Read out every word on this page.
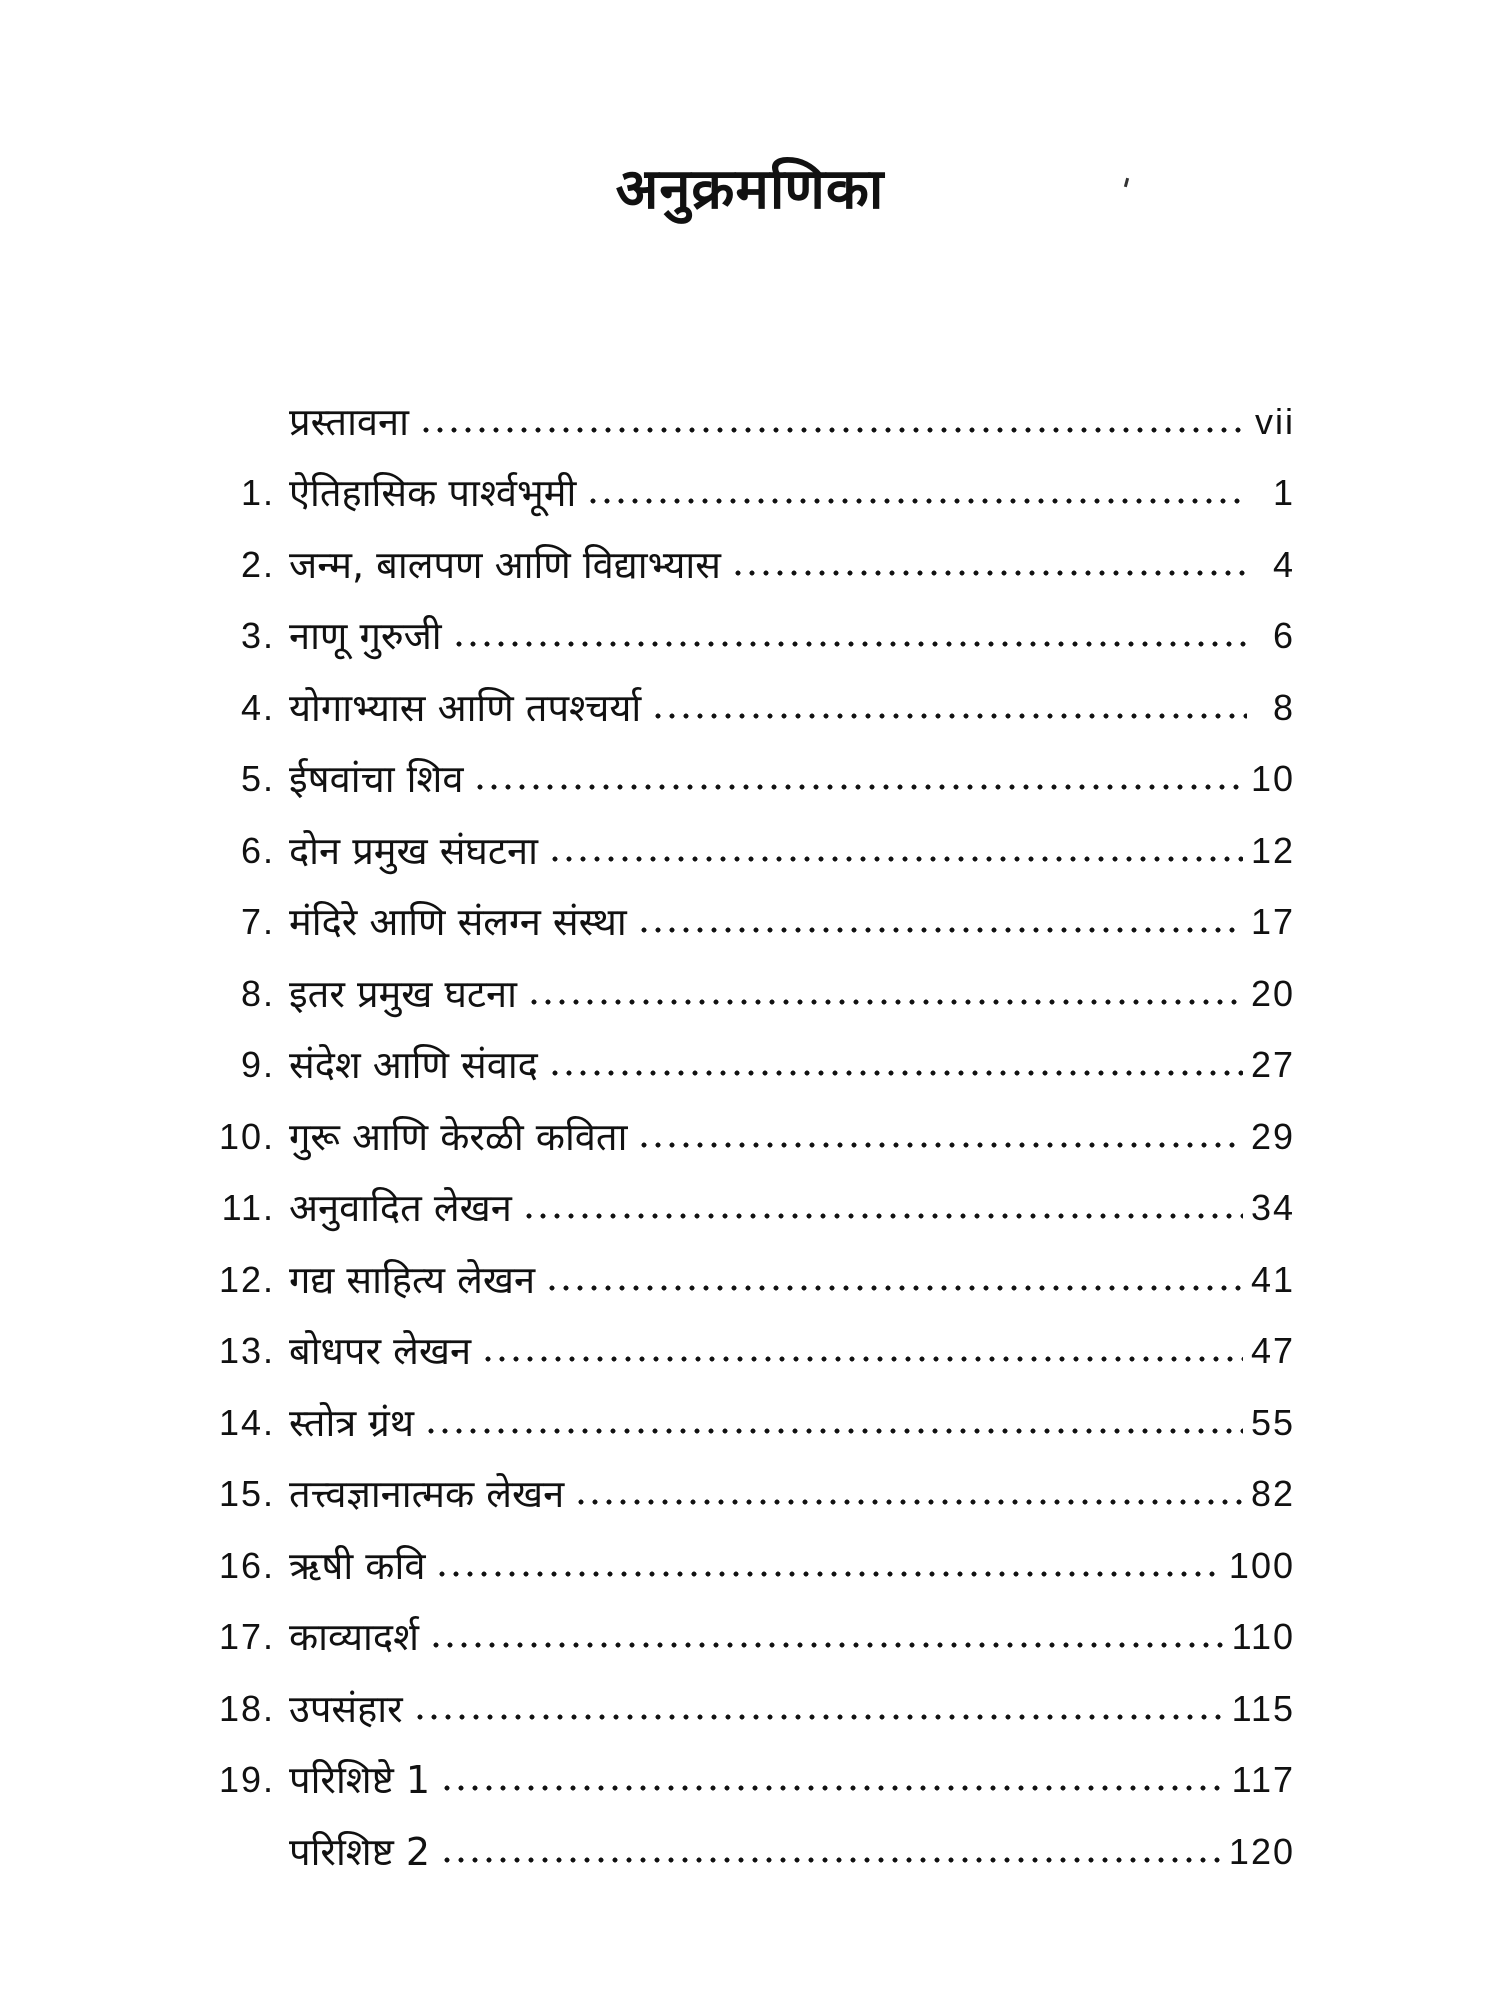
अनुक्रमणिका
प्रस्तावना	vii
1. ऐतिहासिक पार्श्वभूमी	1
2. जन्म, बालपण आणि विद्याभ्यास	4
3. नाणू गुरुजी	6
4. योगाभ्यास आणि तपश्चर्या	8
5. ईषवांचा शिव	10
6. दोन प्रमुख संघटना	12
7. मंदिरे आणि संलग्न संस्था	17
8. इतर प्रमुख घटना	20
9. संदेश आणि संवाद	27
10. गुरू आणि केरळी कविता	29
11. अनुवादित लेखन	34
12. गद्य साहित्य लेखन	41
13. बोधपर लेखन	47
14. स्तोत्र ग्रंथ	55
15. तत्त्वज्ञानात्मक लेखन	82
16. ऋषी कवि	100
17. काव्यादर्श	110
18. उपसंहार	115
19. परिशिष्टे 1	117
परिशिष्ट 2	120
